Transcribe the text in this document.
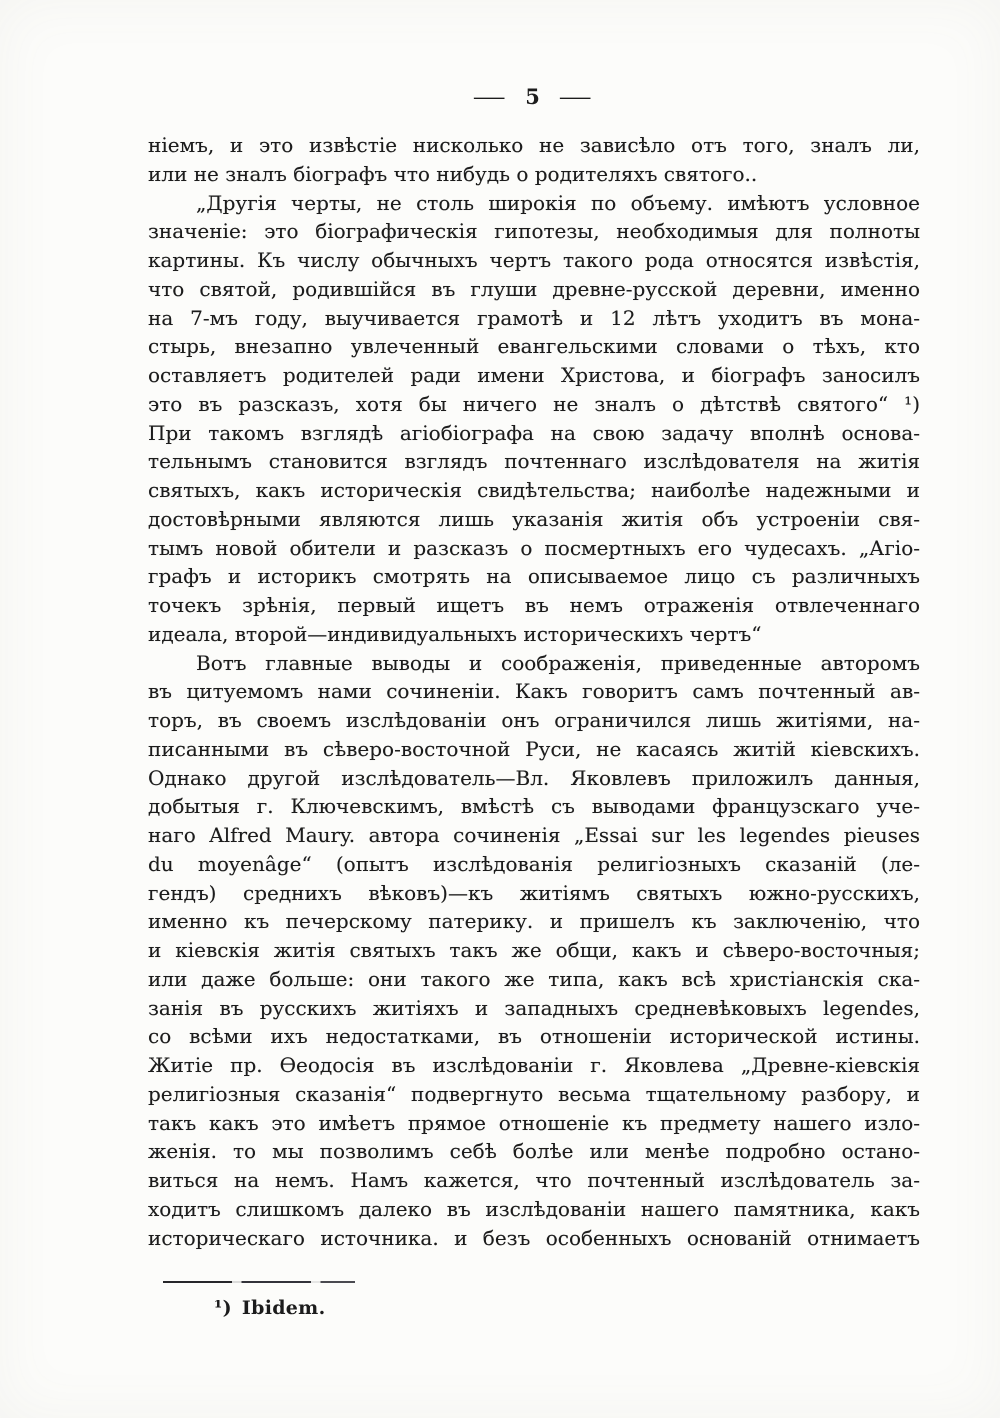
— 5 —
ніемъ, и это извѣстіе нисколько не зависѣло отъ того, зналъ ли,
или не зналъ біографъ что нибудь о родителяхъ святого..
„Другія черты, не столь широкія по объему. имѣютъ условное
значеніе: это біографическія гипотезы, необходимыя для полноты
картины. Къ числу обычныхъ чертъ такого рода относятся извѣстія,
что святой, родившійся въ глуши древне-русской деревни, именно
на 7-мъ году, выучивается грамотѣ и 12 лѣтъ уходитъ въ мона-
стырь, внезапно увлеченный евангельскими словами о тѣхъ, кто
оставляетъ родителей ради имени Христова, и біографъ заносилъ
это въ разсказъ, хотя бы ничего не зналъ о дѣтствѣ святого“ ¹)
При такомъ взглядѣ агіобіографа на свою задачу вполнѣ основа-
тельнымъ становится взглядъ почтеннаго изслѣдователя на житія
святыхъ, какъ историческія свидѣтельства; наиболѣе надежными и
достовѣрными являются лишь указанія житія объ устроеніи свя-
тымъ новой обители и разсказъ о посмертныхъ его чудесахъ. „Агіо-
графъ и историкъ смотрять на описываемое лицо съ различныхъ
точекъ зрѣнія, первый ищетъ въ немъ отраженія отвлеченнаго
идеала, второй—индивидуальныхъ историческихъ чертъ“
Вотъ главные выводы и соображенія, приведенные авторомъ
въ цитуемомъ нами сочиненіи. Какъ говоритъ самъ почтенный ав-
торъ, въ своемъ изслѣдованіи онъ ограничился лишь житіями, на-
писанными въ сѣверо-восточной Руси, не касаясь житій кіевскихъ.
Однако другой изслѣдователь—Вл. Яковлевъ приложилъ данныя,
добытыя г. Ключевскимъ, вмѣстѣ съ выводами французскаго уче-
наго Alfred Maury. автора сочиненія „Essai sur les legendes pieuses
du moyenâge“ (опытъ изслѣдованія религіозныхъ сказаній (ле-
гендъ) среднихъ вѣковъ)—къ житіямъ святыхъ южно-русскихъ,
именно къ печерскому патерику. и пришелъ къ заключенію, что
и кіевскія житія святыхъ такъ же общи, какъ и сѣверо-восточныя;
или даже больше: они такого же типа, какъ всѣ христіанскія ска-
занія въ русскихъ житіяхъ и западныхъ средневѣковыхъ legendes,
со всѣми ихъ недостатками, въ отношеніи исторической истины.
Житіе пр. Ѳеодосія въ изслѣдованіи г. Яковлева „Древне-кіевскія
религіозныя сказанія“ подвергнуто весьма тщательному разбору, и
такъ какъ это имѣетъ прямое отношеніе къ предмету нашего изло-
женія. то мы позволимъ себѣ болѣе или менѣе подробно остано-
виться на немъ. Намъ кажется, что почтенный изслѣдователь за-
ходитъ слишкомъ далеко въ изслѣдованіи нашего памятника, какъ
историческаго источника. и безъ особенныхъ основаній отнимаетъ
¹) Ibidem.
